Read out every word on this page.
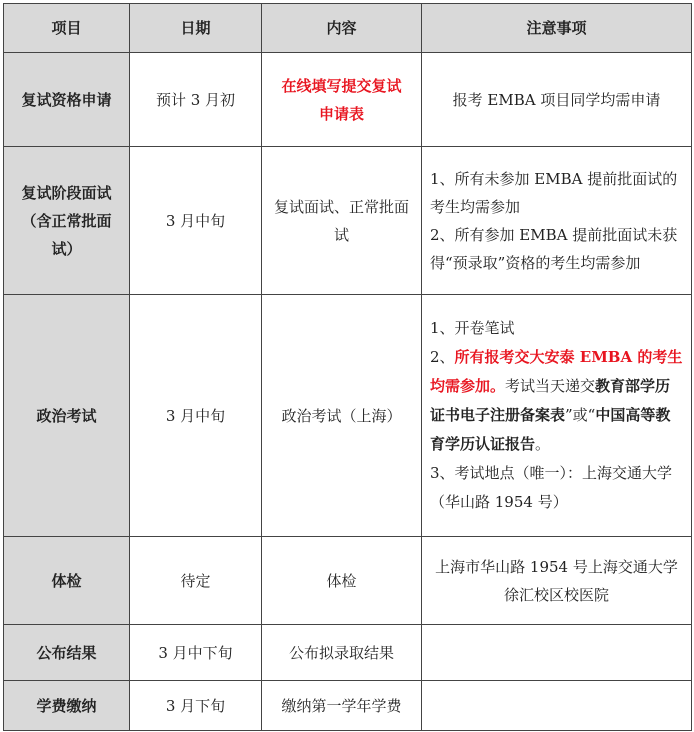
项目	日期	内容	注意事项
复试资格申请	预计 3 月初	在线填写提交复试申请表	报考 EMBA 项目同学均需申请
复试阶段面试（含正常批面试）	3 月中旬	复试面试、正常批面试	1、所有未参加 EMBA 提前批面试的考生均需参加
2、所有参加 EMBA 提前批面试未获得“预录取”资格的考生均需参加

政治考试	3 月中旬	政治考试（上海）	1、开卷笔试
2、所有报考交大安泰 EMBA 的考生均需参加。考试当天递交教育部学历证书电子注册备案表”或“中国高等教育学历认证报告。
3、考试地点（唯一）：上海交通大学（华山路 1954 号）

体检	待定	体检	上海市华山路 1954 号上海交通大学徐汇校区校医院
公布结果	3 月中下旬	公布拟录取结果	
学费缴纳	3 月下旬	缴纳第一学年学费	
